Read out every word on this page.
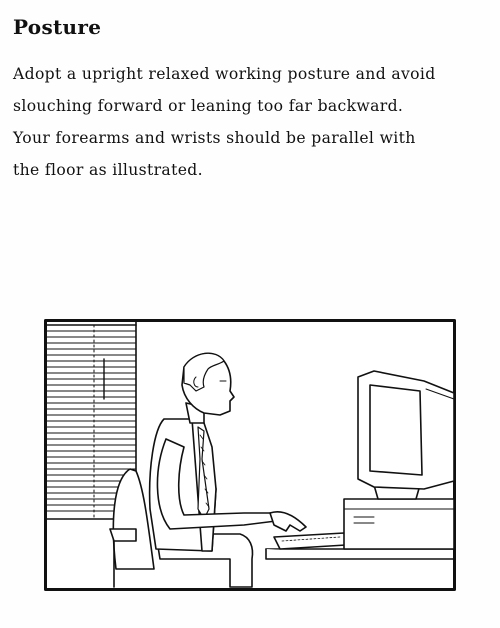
Posture
Adopt a upright relaxed working posture and avoid
slouching forward or leaning too far backward.
Your forearms and wrists should be parallel with
the floor as illustrated.
